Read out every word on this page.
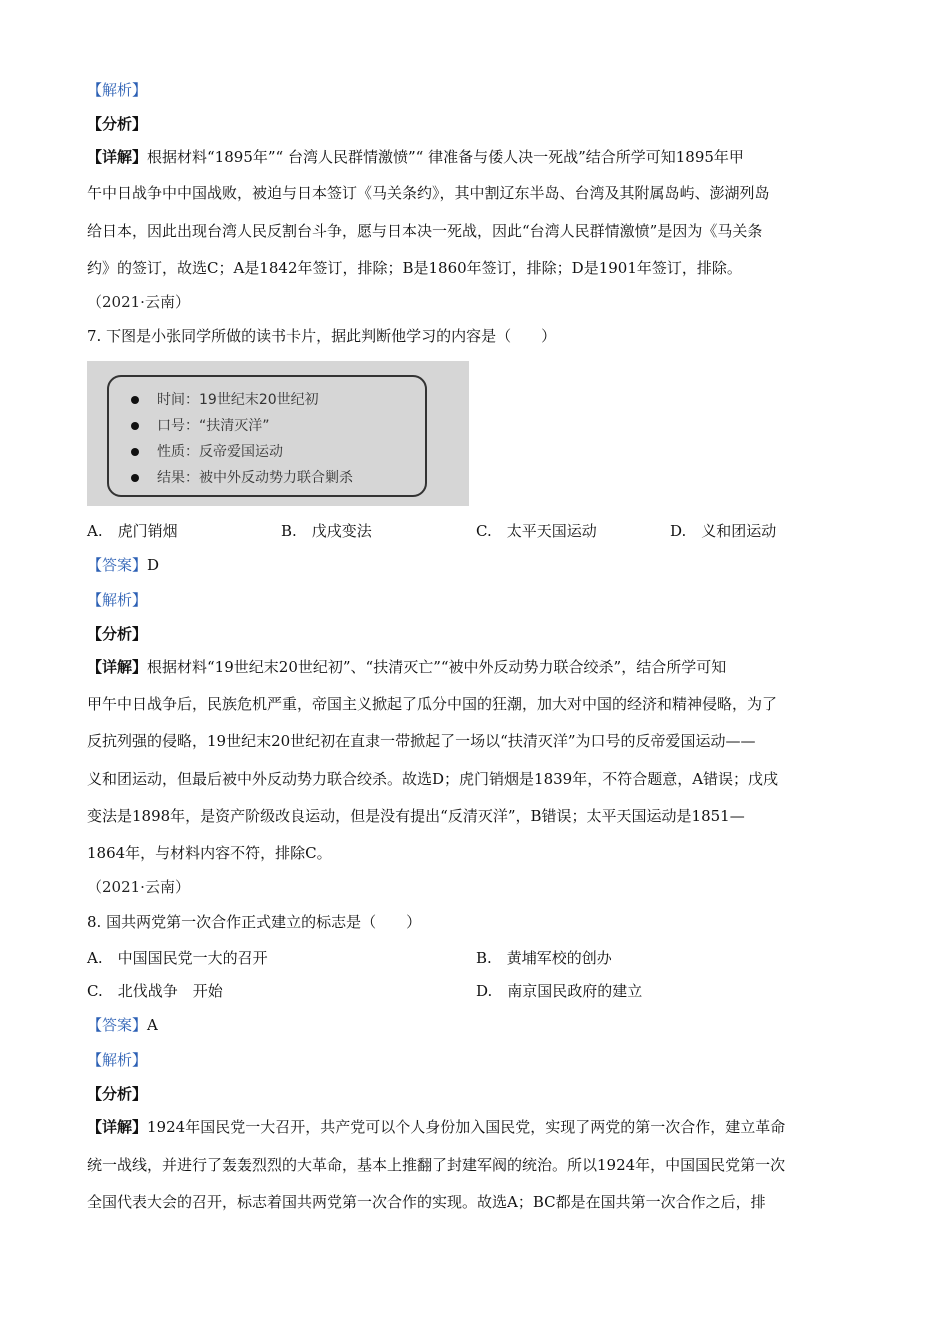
【解析】
【分析】
【详解】根据材料“1895年”“ 台湾人民群情激愤”“ 律准备与倭人决一死战”结合所学可知1895年甲
午中日战争中中国战败，被迫与日本签订《马关条约》，其中割辽东半岛、台湾及其附属岛屿、澎湖列岛
给日本，因此出现台湾人民反割台斗争，愿与日本决一死战，因此“台湾人民群情激愤”是因为《马关条
约》的签订，故选C；A是1842年签订，排除；B是1860年签订，排除；D是1901年签订，排除。
（2021·云南）
7. 下图是小张同学所做的读书卡片，据此判断他学习的内容是（　　）
时间：19世纪末20世纪初
口号：“扶清灭洋”
性质：反帝爱国运动
结果：被中外反动势力联合剿杀
A.　虎门销烟	B.　戊戌变法	C.　太平天国运动	D.　义和团运动
【答案】D
【解析】
【分析】
【详解】根据材料“19世纪末20世纪初”、“扶清灭亡”“被中外反动势力联合绞杀”，结合所学可知
甲午中日战争后，民族危机严重，帝国主义掀起了瓜分中国的狂潮，加大对中国的经济和精神侵略，为了
反抗列强的侵略，19世纪末20世纪初在直隶一带掀起了一场以“扶清灭洋”为口号的反帝爱国运动——
义和团运动，但最后被中外反动势力联合绞杀。故选D；虎门销烟是1839年，不符合题意，A错误；戊戌
变法是1898年，是资产阶级改良运动，但是没有提出“反清灭洋”，B错误；太平天国运动是1851—
1864年，与材料内容不符，排除C。
（2021·云南）
8. 国共两党第一次合作正式建立的标志是（　　）
A.　中国国民党一大的召开	B.　黄埔军校的创办
C.　北伐战争　开始	D.　南京国民政府的建立
【答案】A
【解析】
【分析】
【详解】1924年国民党一大召开，共产党可以个人身份加入国民党，实现了两党的第一次合作，建立革命
统一战线，并进行了轰轰烈烈的大革命，基本上推翻了封建军阀的统治。所以1924年，中国国民党第一次
全国代表大会的召开，标志着国共两党第一次合作的实现。故选A；BC都是在国共第一次合作之后，排
